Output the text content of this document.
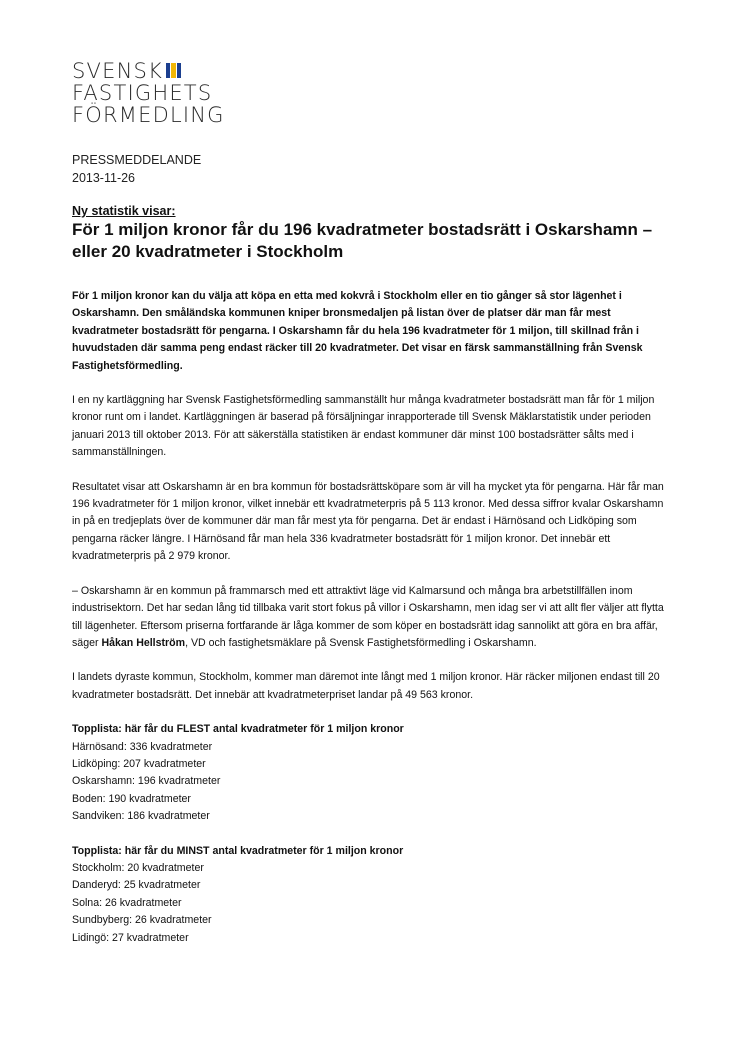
SVENSK
FASTIGHETS
FÖRMEDLING
PRESSMEDDELANDE
2013-11-26
Ny statistik visar:
För 1 miljon kronor får du 196 kvadratmeter bostadsrätt i Oskarshamn – eller 20 kvadratmeter i Stockholm

För 1 miljon kronor kan du välja att köpa en etta med kokvrå i Stockholm eller en tio gånger så stor lägenhet i Oskarshamn. Den småländska kommunen kniper bronsmedaljen på listan över de platser där man får mest kvadratmeter bostadsrätt för pengarna. I Oskarshamn får du hela 196 kvadratmeter för 1 miljon, till skillnad från i huvudstaden där samma peng endast räcker till 20 kvadratmeter. Det visar en färsk sammanställning från Svensk Fastighetsförmedling.

I en ny kartläggning har Svensk Fastighetsförmedling sammanställt hur många kvadratmeter bostadsrätt man får för 1 miljon kronor runt om i landet. Kartläggningen är baserad på försäljningar inrapporterade till Svensk Mäklarstatistik under perioden januari 2013 till oktober 2013. För att säkerställa statistiken är endast kommuner där minst 100 bostadsrätter sålts med i sammanställningen.

Resultatet visar att Oskarshamn är en bra kommun för bostadsrättsköpare som är vill ha mycket yta för pengarna. Här får man 196 kvadratmeter för 1 miljon kronor, vilket innebär ett kvadratmeterpris på 5 113 kronor. Med dessa siffror kvalar Oskarshamn in på en tredjeplats över de kommuner där man får mest yta för pengarna. Det är endast i Härnösand och Lidköping som pengarna räcker längre. I Härnösand får man hela 336 kvadratmeter bostadsrätt för 1 miljon kronor. Det innebär ett kvadratmeterpris på 2 979 kronor.

– Oskarshamn är en kommun på frammarsch med ett attraktivt läge vid Kalmarsund och många bra arbetstillfällen inom industrisektorn. Det har sedan lång tid tillbaka varit stort fokus på villor i Oskarshamn, men idag ser vi att allt fler väljer att flytta till lägenheter. Eftersom priserna fortfarande är låga kommer de som köper en bostadsrätt idag sannolikt att göra en bra affär, säger Håkan Hellström, VD och fastighetsmäklare på Svensk Fastighetsförmedling i Oskarshamn.

I landets dyraste kommun, Stockholm, kommer man däremot inte långt med 1 miljon kronor. Här räcker miljonen endast till 20 kvadratmeter bostadsrätt. Det innebär att kvadratmeterpriset landar på 49 563 kronor.

Topplista: här får du FLEST antal kvadratmeter för 1 miljon kronor
Härnösand: 336 kvadratmeter
Lidköping: 207 kvadratmeter
Oskarshamn: 196 kvadratmeter
Boden: 190 kvadratmeter
Sandviken: 186 kvadratmeter
Topplista: här får du MINST antal kvadratmeter för 1 miljon kronor
Stockholm: 20 kvadratmeter
Danderyd: 25 kvadratmeter
Solna: 26 kvadratmeter
Sundbyberg: 26 kvadratmeter
Lidingö: 27 kvadratmeter
